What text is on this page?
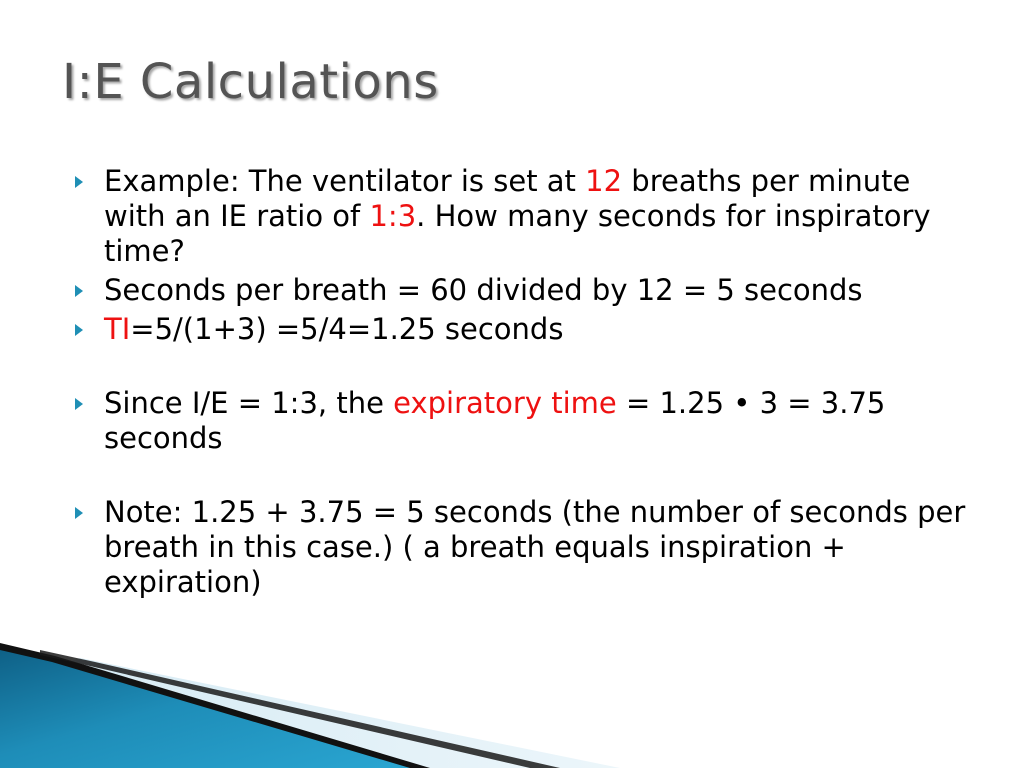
I:E Calculations
Example: The ventilator is set at 12 breaths per minute with an IE ratio of 1:3. How many seconds for inspiratory time?
Seconds per breath = 60 divided by 12 = 5 seconds
TI=5/(1+3) =5/4=1.25 seconds
Since I/E = 1:3, the expiratory time = 1.25 • 3 = 3.75 seconds
Note: 1.25 + 3.75 = 5 seconds (the number of seconds per breath in this case.) ( a breath equals inspiration + expiration)
